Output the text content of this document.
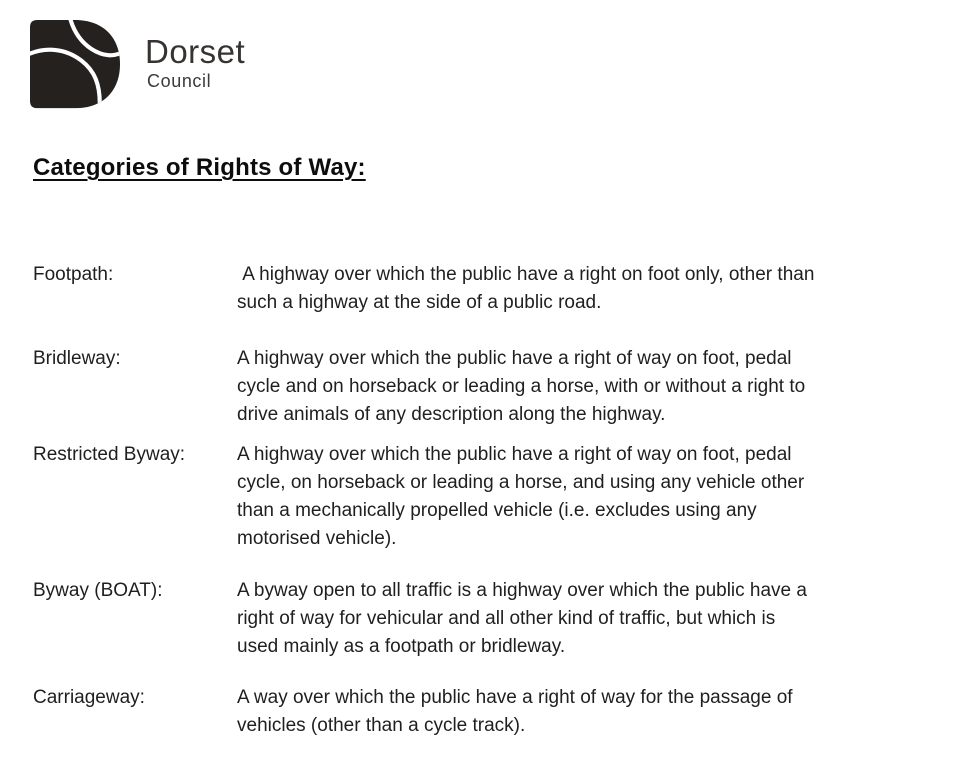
Dorset
Council
Categories of Rights of Way:
Footpath:	A highway over which the public have a right on foot only, other than
such a highway at the side of a public road.
Bridleway:	A highway over which the public have a right of way on foot, pedal
cycle and on horseback or leading a horse, with or without a right to
drive animals of any description along the highway.
Restricted Byway:	A highway over which the public have a right of way on foot, pedal
cycle, on horseback or leading a horse, and using any vehicle other
than a mechanically propelled vehicle (i.e. excludes using any
motorised vehicle).
Byway (BOAT):	A byway open to all traffic is a highway over which the public have a
right of way for vehicular and all other kind of traffic, but which is
used mainly as a footpath or bridleway.
Carriageway:	A way over which the public have a right of way for the passage of
vehicles (other than a cycle track).
